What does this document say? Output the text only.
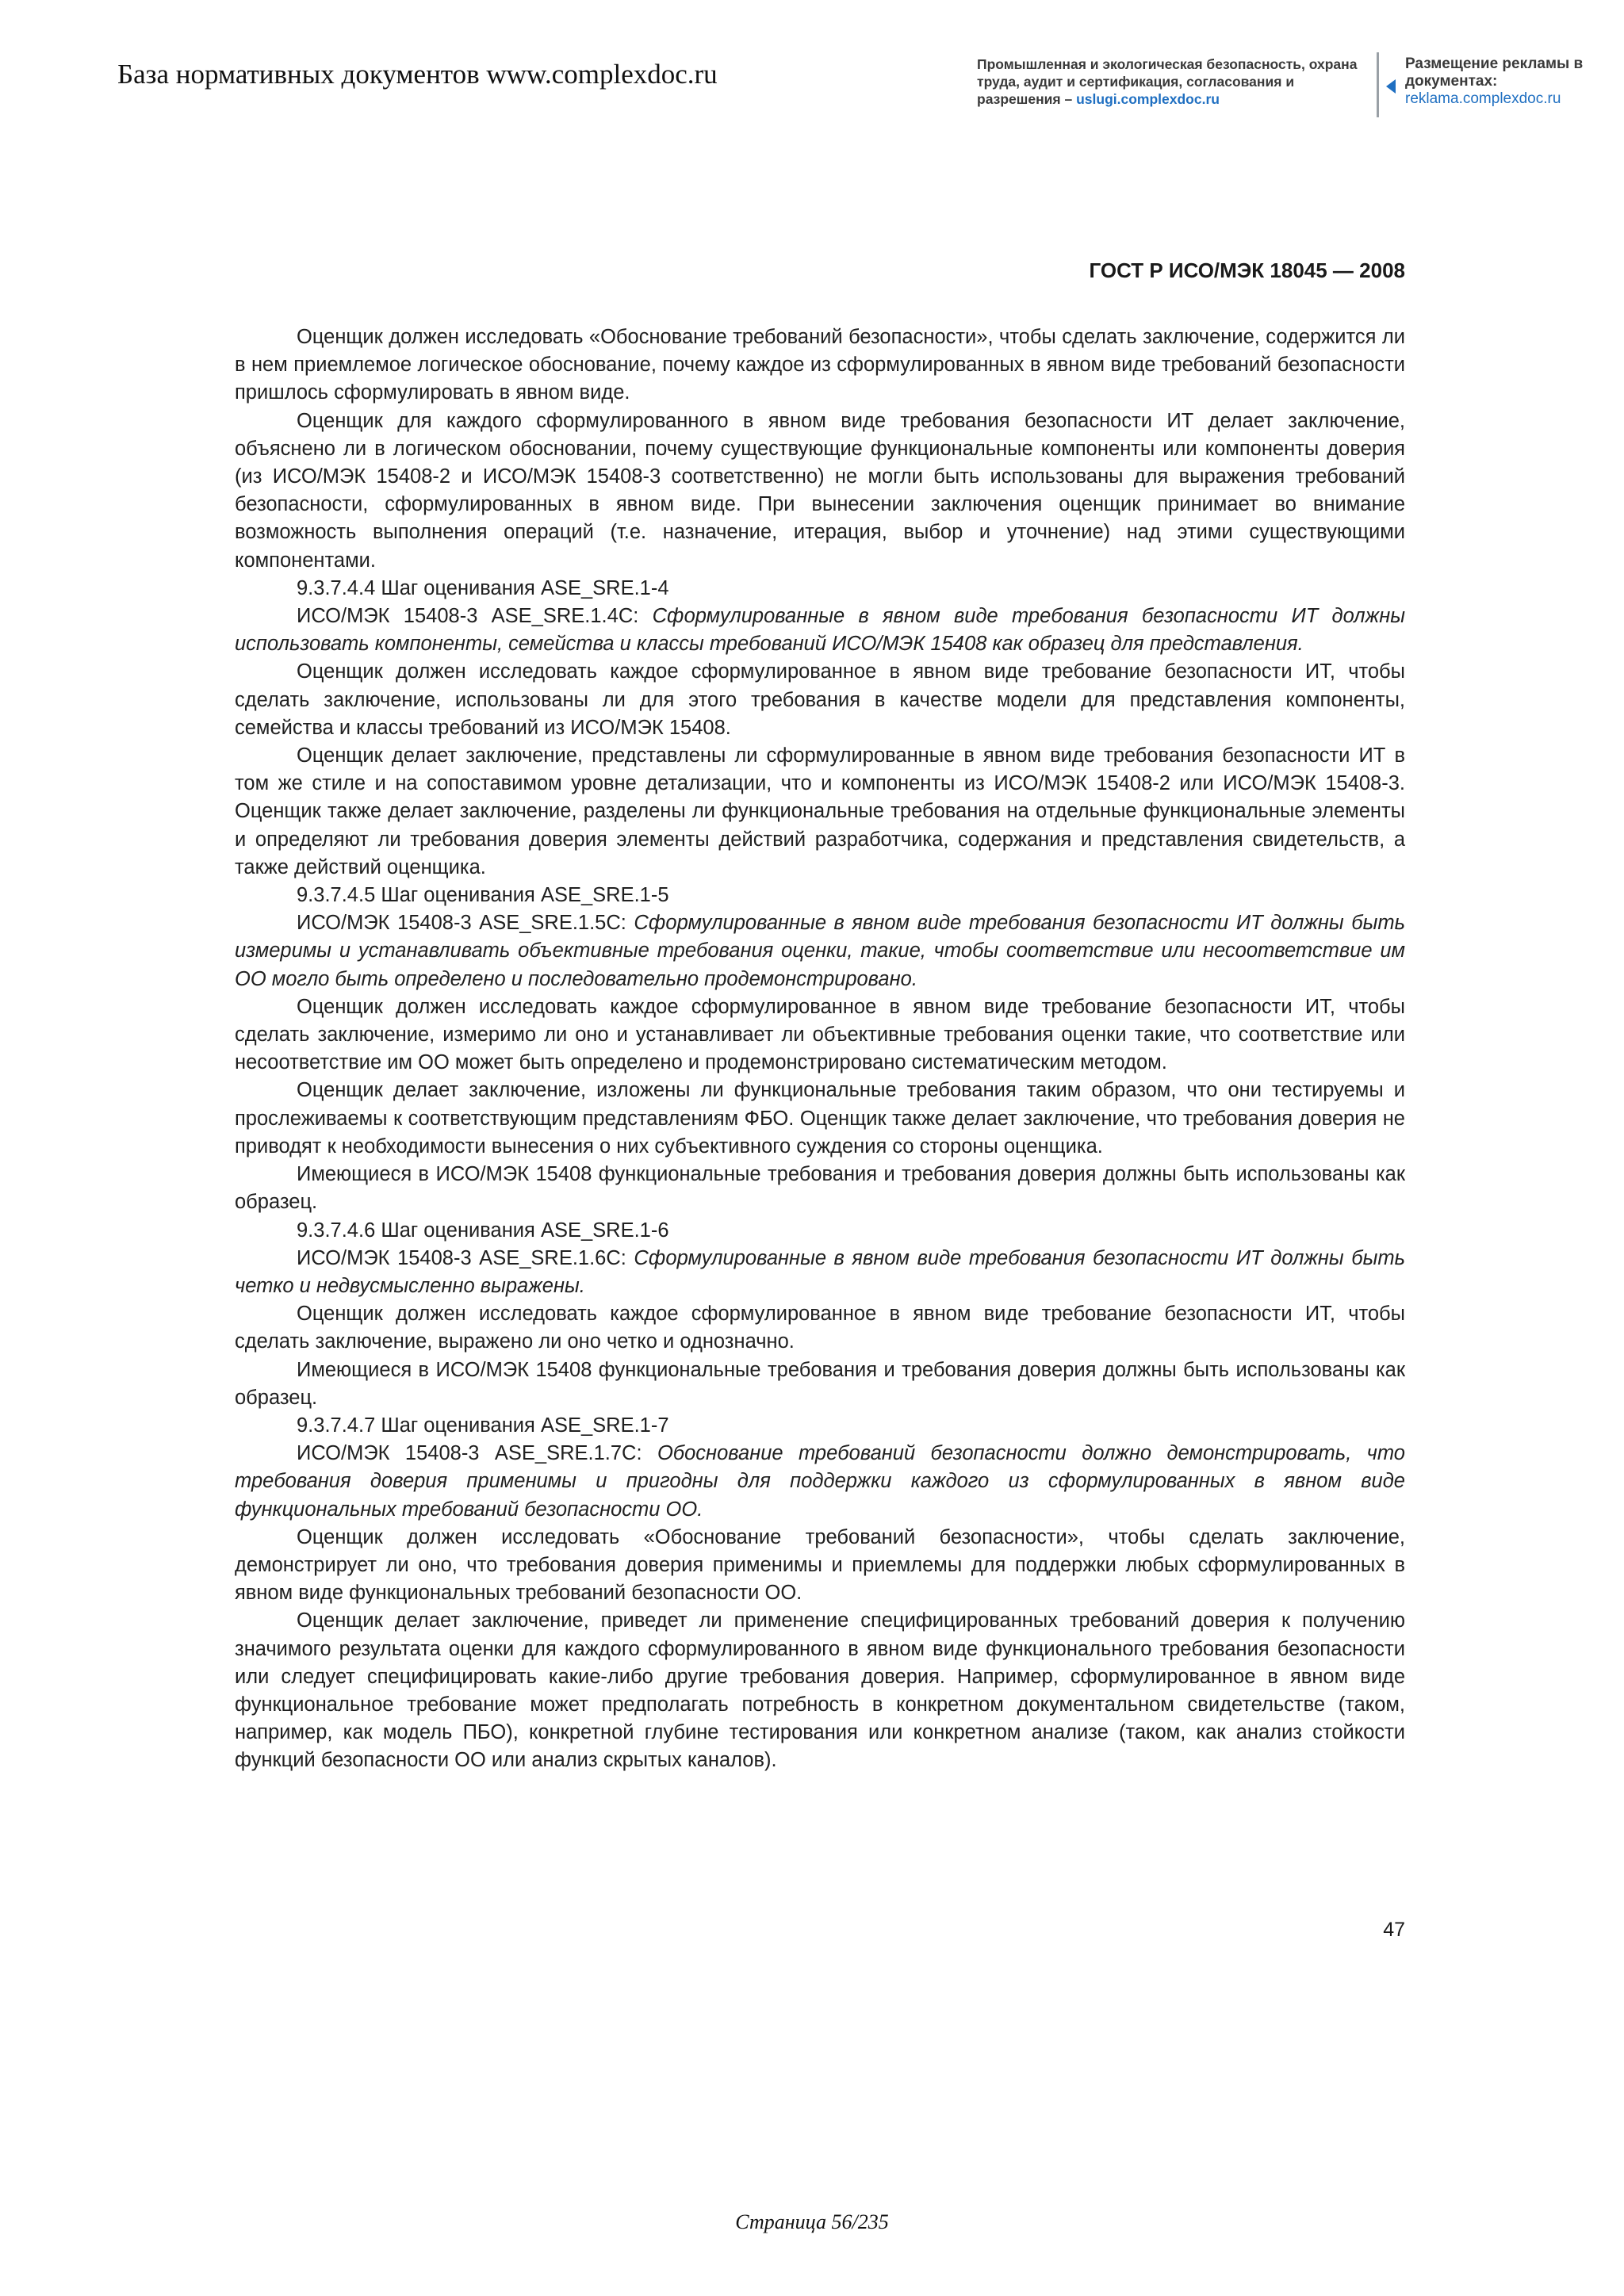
База нормативных документов www.complexdoc.ru	Промышленная и экологическая безопасность, охрана труда, аудит и сертификация, согласования и разрешения – uslugi.complexdoc.ru
Размещение рекламы в документах:
reklama.complexdoc.ru
ГОСТ Р ИСО/МЭК 18045 — 2008

Оценщик должен исследовать «Обоснование требований безопасности», чтобы сделать заключение, содержится ли в нем приемлемое логическое обоснование, почему каждое из сформулированных в явном виде требований безопасности пришлось сформулировать в явном виде.

Оценщик для каждого сформулированного в явном виде требования безопасности ИТ делает заключение, объяснено ли в логическом обосновании, почему существующие функциональные компоненты или компоненты доверия (из ИСО/МЭК 15408-2 и ИСО/МЭК 15408-3 соответственно) не могли быть использованы для выражения требований безопасности, сформулированных в явном виде. При вынесении заключения оценщик принимает во внимание возможность выполнения операций (т.е. назначение, итерация, выбор и уточнение) над этими существующими компонентами.

9.3.7.4.4 Шаг оценивания ASE_SRE.1-4

ИСО/МЭК 15408-3 ASE_SRE.1.4C: Сформулированные в явном виде требования безопасности ИТ должны использовать компоненты, семейства и классы требований ИСО/МЭК 15408 как образец для представления.

Оценщик должен исследовать каждое сформулированное в явном виде требование безопасности ИТ, чтобы сделать заключение, использованы ли для этого требования в качестве модели для представления компоненты, семейства и классы требований из ИСО/МЭК 15408.

Оценщик делает заключение, представлены ли сформулированные в явном виде требования безопасности ИТ в том же стиле и на сопоставимом уровне детализации, что и компоненты из ИСО/МЭК 15408-2 или ИСО/МЭК 15408-3. Оценщик также делает заключение, разделены ли функциональные требования на отдельные функциональные элементы и определяют ли требования доверия элементы действий разработчика, содержания и представления свидетельств, а также действий оценщика.

9.3.7.4.5 Шаг оценивания ASE_SRE.1-5

ИСО/МЭК 15408-3 ASE_SRE.1.5C: Сформулированные в явном виде требования безопасности ИТ должны быть измеримы и устанавливать объективные требования оценки, такие, чтобы соответствие или несоответствие им ОО могло быть определено и последовательно продемонстрировано.

Оценщик должен исследовать каждое сформулированное в явном виде требование безопасности ИТ, чтобы сделать заключение, измеримо ли оно и устанавливает ли объективные требования оценки такие, что соответствие или несоответствие им ОО может быть определено и продемонстрировано систематическим методом.

Оценщик делает заключение, изложены ли функциональные требования таким образом, что они тестируемы и прослеживаемы к соответствующим представлениям ФБО. Оценщик также делает заключение, что требования доверия не приводят к необходимости вынесения о них субъективного суждения со стороны оценщика.

Имеющиеся в ИСО/МЭК 15408 функциональные требования и требования доверия должны быть использованы как образец.

9.3.7.4.6 Шаг оценивания ASE_SRE.1-6

ИСО/МЭК 15408-3 ASE_SRE.1.6C: Сформулированные в явном виде требования безопасности ИТ должны быть четко и недвусмысленно выражены.

Оценщик должен исследовать каждое сформулированное в явном виде требование безопасности ИТ, чтобы сделать заключение, выражено ли оно четко и однозначно.

Имеющиеся в ИСО/МЭК 15408 функциональные требования и требования доверия должны быть использованы как образец.

9.3.7.4.7 Шаг оценивания ASE_SRE.1-7

ИСО/МЭК 15408-3 ASE_SRE.1.7C: Обоснование требований безопасности должно демонстрировать, что требования доверия применимы и пригодны для поддержки каждого из сформулированных в явном виде функциональных требований безопасности ОО.

Оценщик должен исследовать «Обоснование требований безопасности», чтобы сделать заключение, демонстрирует ли оно, что требования доверия применимы и приемлемы для поддержки любых сформулированных в явном виде функциональных требований безопасности ОО.

Оценщик делает заключение, приведет ли применение специфицированных требований доверия к получению значимого результата оценки для каждого сформулированного в явном виде функционального требования безопасности или следует специфицировать какие-либо другие требования доверия. Например, сформулированное в явном виде функциональное требование может предполагать потребность в конкретном документальном свидетельстве (таком, например, как модель ПБО), конкретной глубине тестирования или конкретном анализе (таком, как анализ стойкости функций безопасности ОО или анализ скрытых каналов).

47
Страница 56/235
